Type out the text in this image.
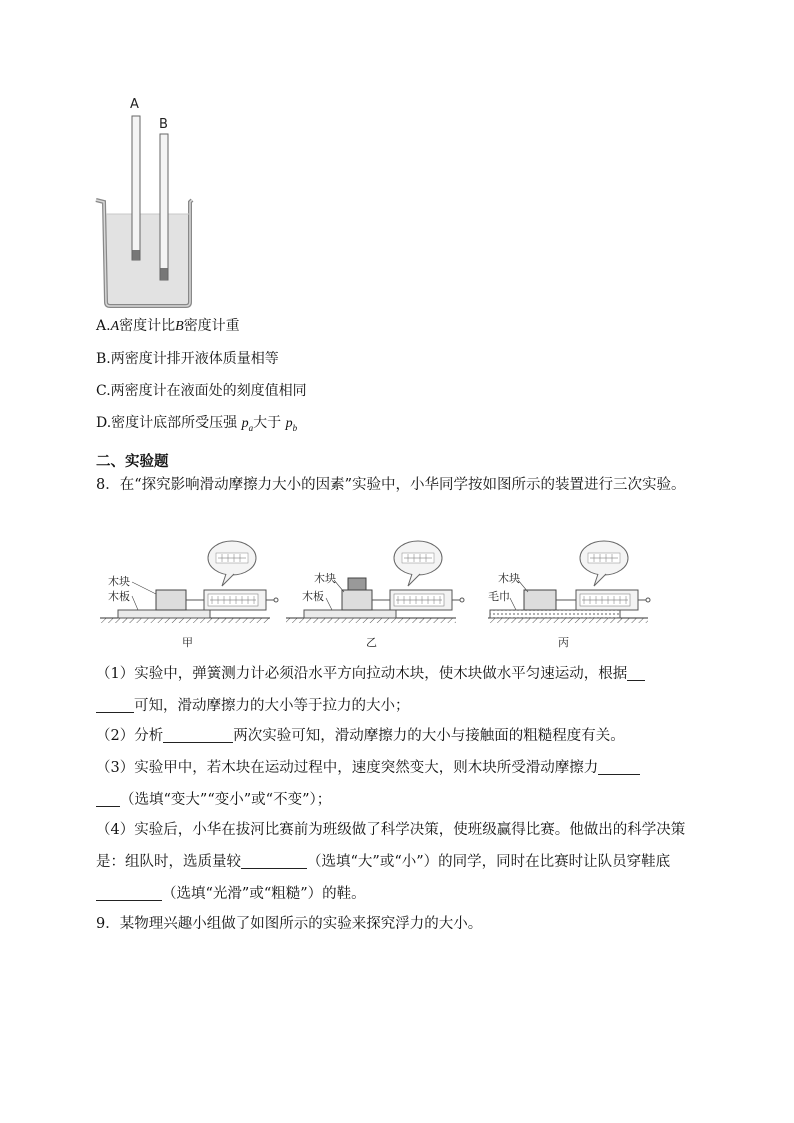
A
B
A.A密度计比B密度计重
B.两密度计排开液体质量相等
C.两密度计在液面处的刻度值相同
D.密度计底部所受压强 $p_a$大于 $p_b$
二、实验题
8．在“探究影响滑动摩擦力大小的因素”实验中，小华同学按如图所示的装置进行三次实验。
木块
木板
甲
木块
木板
乙
木块
毛巾
丙
（1）实验中，弹簧测力计必须沿水平方向拉动木块，使木块做水平匀速运动，根据
可知，滑动摩擦力的大小等于拉力的大小；
（2）分析	两次实验可知，滑动摩擦力的大小与接触面的粗糙程度有关。
（3）实验甲中，若木块在运动过程中，速度突然变大，则木块所受滑动摩擦力
（选填“变大”“变小”或“不变”）；
（4）实验后，小华在拔河比赛前为班级做了科学决策，使班级赢得比赛。他做出的科学决策是：组队时，选质量较	（选填“大”或“小”）的同学，同时在比赛时让队员穿鞋底（选填“光滑”或“粗糙”）的鞋。
9．某物理兴趣小组做了如图所示的实验来探究浮力的大小。
